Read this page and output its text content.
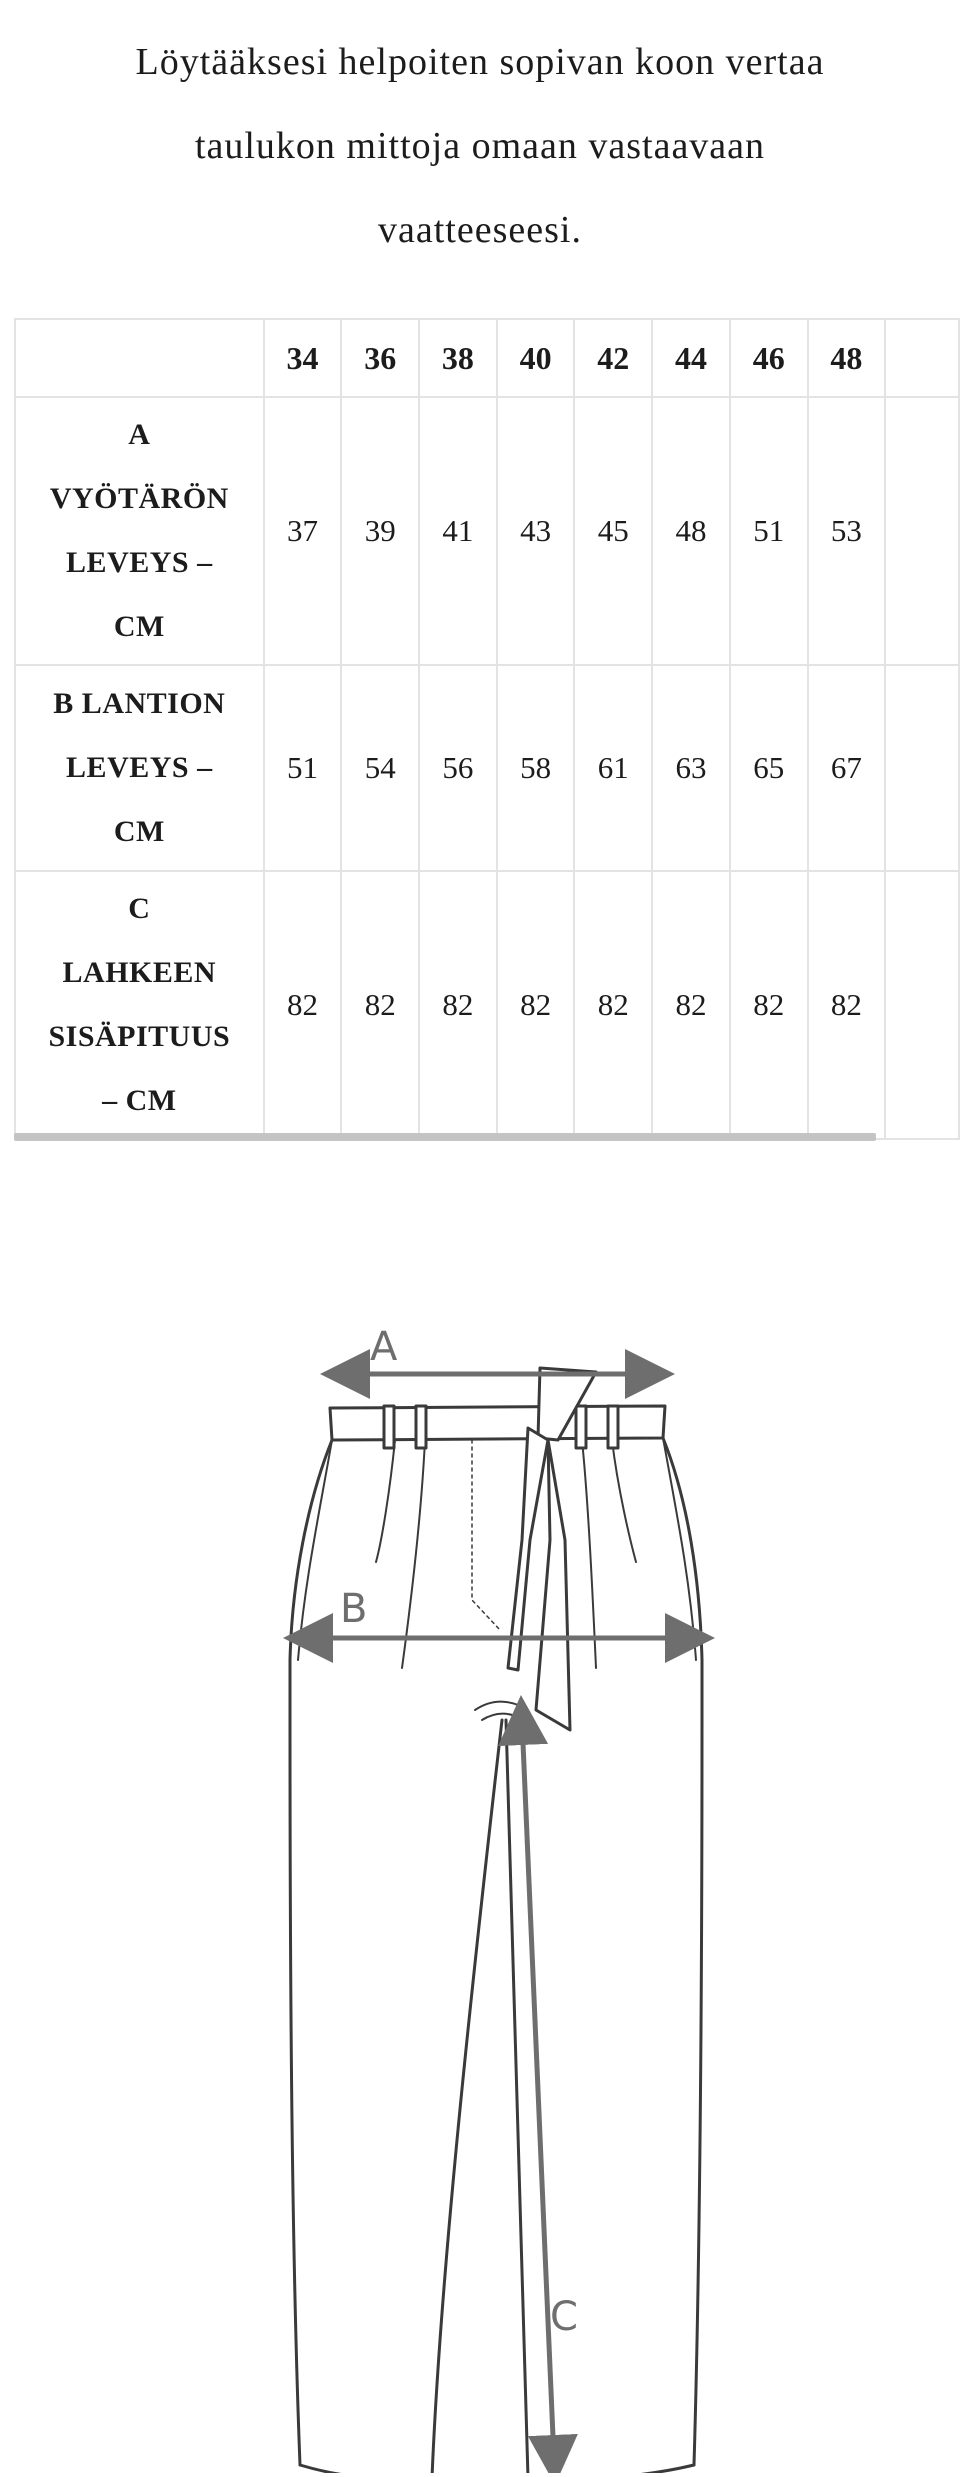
Löytääksesi helpoiten sopivan koon vertaa

taulukon mittoja omaan vastaavaan

vaatteeseesi.

	34	36	38	40	42	44	46	48	

A
VYÖTÄRÖN
LEVEYS –
CM	37	39	41	43	45	48	51	53	

B LANTION
LEVEYS –
CM	51	54	56	58	61	63	65	67	

C
LAHKEEN
SISÄPITUUS
– CM	82	82	82	82	82	82	82	82	
A
B
C
